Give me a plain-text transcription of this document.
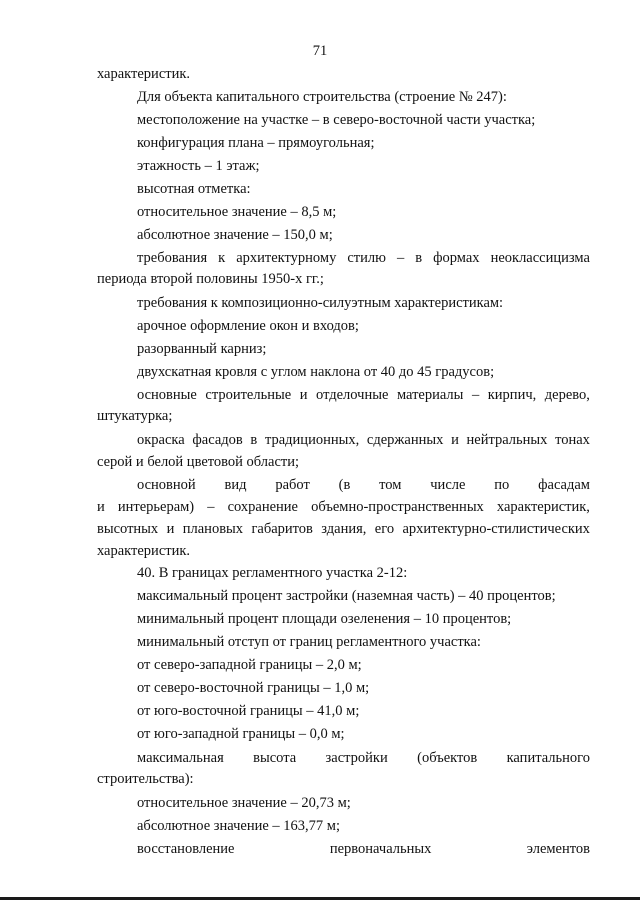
71
характеристик.
Для объекта капитального строительства (строение № 247):
местоположение на участке – в северо-восточной части участка;
конфигурация плана – прямоугольная;
этажность – 1 этаж;
высотная отметка:
относительное значение – 8,5 м;
абсолютное значение – 150,0 м;
требования к архитектурному стилю – в формах неоклассицизма
периода второй половины 1950-х гг.;
требования к композиционно-силуэтным характеристикам:
арочное оформление окон и входов;
разорванный карниз;
двухскатная кровля с углом наклона от 40 до 45 градусов;
основные строительные и отделочные материалы – кирпич, дерево,
штукатурка;
окраска фасадов в традиционных, сдержанных и нейтральных тонах
серой и белой цветовой области;
основной вид работ (в том числе по фасадам
и интерьерам) – сохранение объемно-пространственных характеристик,
высотных и плановых габаритов здания, его архитектурно-стилистических
характеристик.
40. В границах регламентного участка 2-12:
максимальный процент застройки (наземная часть) – 40 процентов;
минимальный процент площади озеленения – 10 процентов;
минимальный отступ от границ регламентного участка:
от северо-западной границы – 2,0 м;
от северо-восточной границы – 1,0 м;
от юго-восточной границы – 41,0 м;
от юго-западной границы – 0,0 м;
максимальная высота застройки (объектов капитального
строительства):
относительное значение – 20,73 м;
абсолютное значение – 163,77 м;
восстановление	первоначальных	элементов
